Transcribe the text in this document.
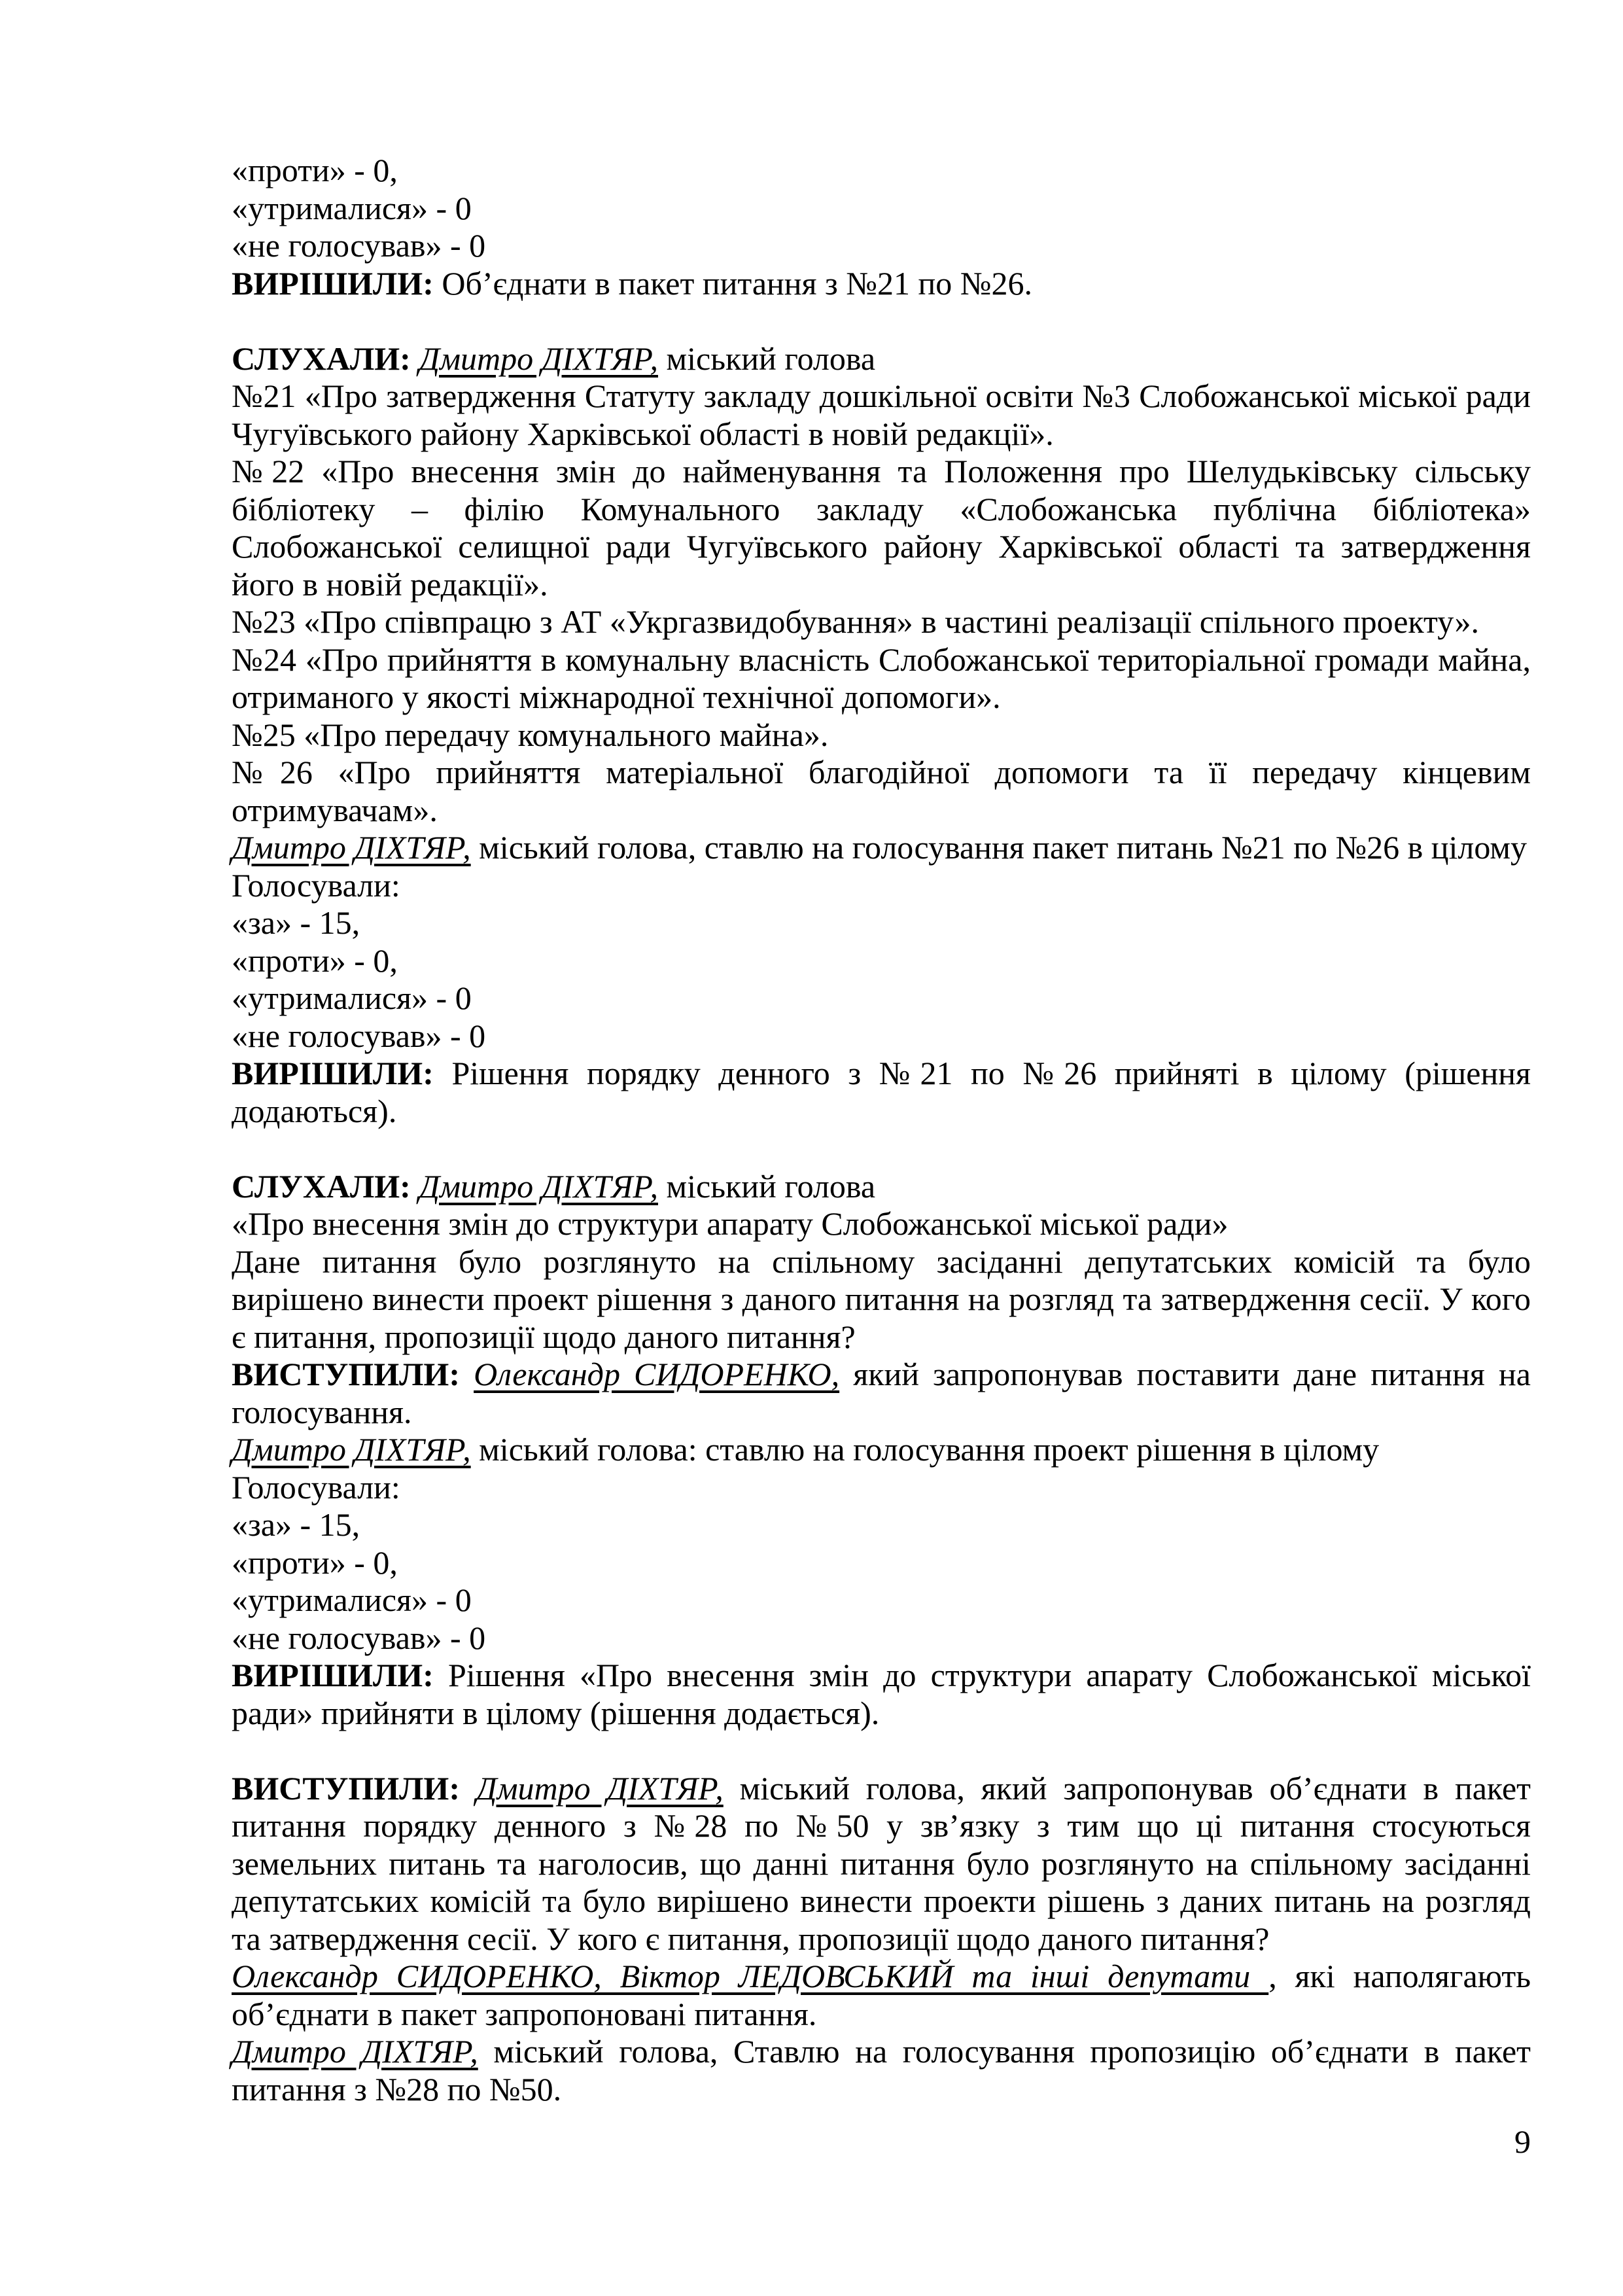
«проти» - 0,

«утрималися» - 0

«не голосував» - 0

ВИРІШИЛИ: Об’єднати в пакет питання з №21 по №26.

СЛУХАЛИ: Дмитро ДІХТЯР, міський голова

№21 «Про затвердження Статуту закладу дошкільної освіти №3 Слобожанської міської ради Чугуївського району Харківської області в новій редакції».

№22 «Про внесення змін до найменування та Положення про Шелудьківську сільську бібліотеку – філію Комунального закладу «Слобожанська публічна бібліотека» Слобожанської селищної ради Чугуївського району Харківської області та затвердження його в новій редакції».

№23 «Про співпрацю з АТ «Укргазвидобування» в частині реалізації спільного проекту».

№24 «Про прийняття в комунальну власність Слобожанської територіальної громади майна, отриманого у якості міжнародної технічної допомоги».

№25 «Про передачу комунального майна».

№26 «Про прийняття матеріальної благодійної допомоги та її передачу кінцевим отримувачам».

Дмитро ДІХТЯР, міський голова, ставлю на голосування пакет питань №21 по №26 в цілому

Голосували:

«за» - 15,

«проти» - 0,

«утрималися» - 0

«не голосував» - 0

ВИРІШИЛИ: Рішення порядку денного з №21 по №26 прийняті в цілому (рішення додаються).

СЛУХАЛИ: Дмитро ДІХТЯР, міський голова

«Про внесення змін до структури апарату Слобожанської міської ради»

Дане питання було розглянуто на спільному засіданні депутатських комісій та було вирішено винести проект рішення з даного питання на розгляд та затвердження сесії. У кого є питання, пропозиції щодо даного питання?

ВИСТУПИЛИ: Олександр СИДОРЕНКО, який запропонував поставити дане питання на голосування.

Дмитро ДІХТЯР, міський голова: ставлю на голосування проект рішення в цілому

Голосували:

«за» - 15,

«проти» - 0,

«утрималися» - 0

«не голосував» - 0

ВИРІШИЛИ: Рішення «Про внесення змін до структури апарату Слобожанської міської ради» прийняти в цілому (рішення додається).

ВИСТУПИЛИ: Дмитро ДІХТЯР, міський голова, який запропонував об’єднати в пакет питання порядку денного з №28 по №50 у зв’язку з тим що ці питання стосуються земельних питань та наголосив, що данні питання було розглянуто на спільному засіданні депутатських комісій та було вирішено винести проекти рішень з даних питань на розгляд та затвердження сесії. У кого є питання, пропозиції щодо даного питання?

Олександр СИДОРЕНКО, Віктор ЛЕДОВСЬКИЙ та інші депутати , які наполягають об’єднати в пакет запропоновані питання.

Дмитро ДІХТЯР, міський голова, Ставлю на голосування пропозицію об’єднати в пакет питання з №28 по №50.

9
